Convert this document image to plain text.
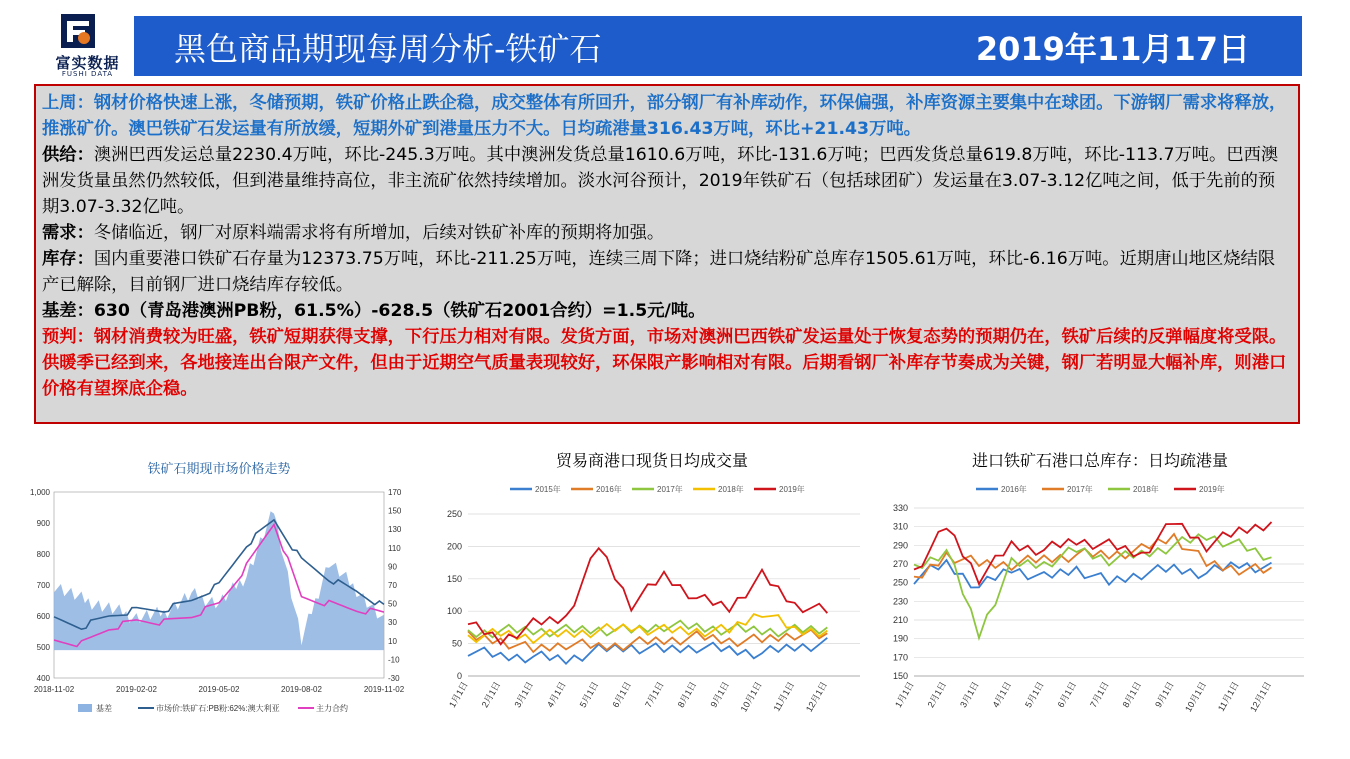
富实数据
FUSHI DATA
黑色商品期现每周分析-铁矿石	2019年11月17日

上周：钢材价格快速上涨，冬储预期，铁矿价格止跌企稳，成交整体有所回升，部分钢厂有补库动作，环保偏强，补库资源主要集中在球团。下游钢厂需求将释放，推涨矿价。澳巴铁矿石发运量有所放缓，短期外矿到港量压力不大。日均疏港量316.43万吨，环比+21.43万吨。

供给：澳洲巴西发运总量2230.4万吨，环比-245.3万吨。其中澳洲发货总量1610.6万吨，环比-131.6万吨；巴西发货总量619.8万吨，环比-113.7万吨。巴西澳洲发货量虽然仍然较低，但到港量维持高位，非主流矿依然持续增加。淡水河谷预计，2019年铁矿石（包括球团矿）发运量在3.07-3.12亿吨之间，低于先前的预期3.07-3.32亿吨。

需求：冬储临近，钢厂对原料端需求将有所增加，后续对铁矿补库的预期将加强。

库存：国内重要港口铁矿石存量为12373.75万吨，环比-211.25万吨，连续三周下降；进口烧结粉矿总库存1505.61万吨，环比-6.16万吨。近期唐山地区烧结限产已解除，目前钢厂进口烧结库存较低。

基差：630（青岛港澳洲PB粉，61.5%）-628.5（铁矿石2001合约）=1.5元/吨。

预判：钢材消费较为旺盛，铁矿短期获得支撑，下行压力相对有限。发货方面，市场对澳洲巴西铁矿发运量处于恢复态势的预期仍在，铁矿后续的反弹幅度将受限。供暖季已经到来，各地接连出台限产文件，但由于近期空气质量表现较好，环保限产影响相对有限。后期看钢厂补库存节奏成为关键，钢厂若明显大幅补库，则港口价格有望探底企稳。

铁矿石期现市场价格走势
1,000
900
800
700
600
500
400
170
150
130
110
90
70
50
30
10
-10
-30
2018-11-02	2019-02-02	2019-05-02	2019-08-02	2019-11-02
基差	市场价:铁矿石:PB粉:62%:澳大利亚	主力合约
贸易商港口现货日均成交量
0
50
100
150
200
250
1月1日 2月1日 3月1日 4月1日 5月1日 6月1日 7月1日 8月1日 9月1日 10月1日 11月1日 12月1日
2015年	2016年	2017年	2018年	2019年
进口铁矿石港口总库存：日均疏港量
150
170
190
210
230
250
270
290
310
330
1月1日 2月1日 3月1日 4月1日 5月1日 6月1日 7月1日 8月1日 9月1日 10月1日 11月1日 12月1日
2016年	2017年	2018年	2019年
